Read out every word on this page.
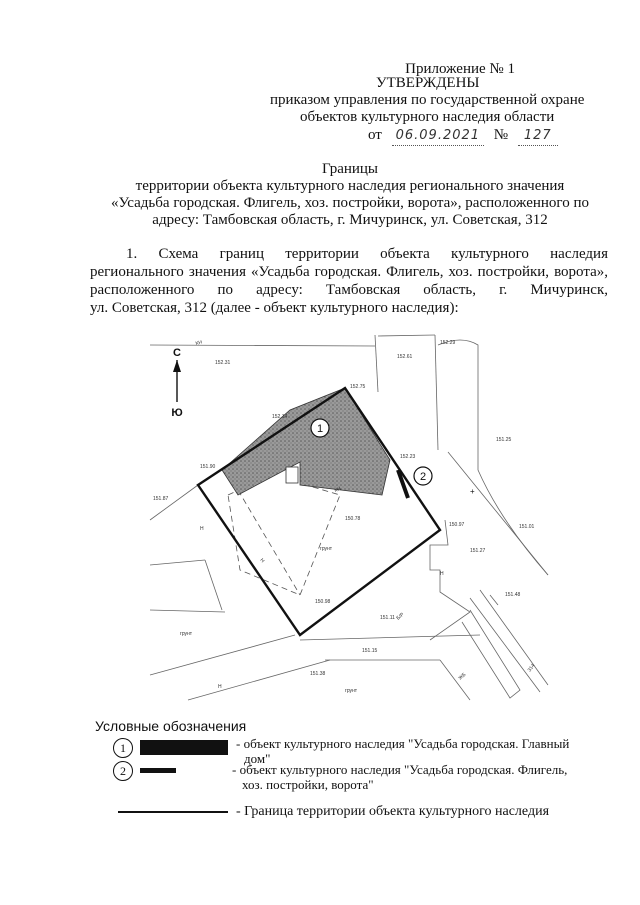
Приложение № 1
УТВЕРЖДЕНЫ
приказом управления по государственной охране
объектов культурного наследия области
от 06.09.2021 № 127
Границы
территории объекта культурного наследия регионального значения
«Усадьба городская. Флигель, хоз. постройки, ворота», расположенного по
адресу: Тамбовская область, г. Мичуринск, ул. Советская, 312
1. Схема границ территории объекта культурного наследия
регионального значения «Усадьба городская. Флигель, хоз. постройки, ворота»,
расположенного по адресу: Тамбовская область, г. Мичуринск,
ул. Советская, 312 (далее - объект культурного наследия):
1
2
С
Ю
КН
КН
Н
Н
Н
Н
грунт
грунт
грунт
Б/Р
ЖБ
314
152.31
152.61
152.29
152.75
152.14
152.23
151.25
151.90
151.87
150.78
150.97
151.27
151.01
150.98
151.11
151.48
151.15
151.38
+
Условные обозначения
1	- объект культурного наследия "Усадьба городская. Главный
дом"
2	- объект культурного наследия "Усадьба городская. Флигель,
хоз. постройки, ворота"
- Граница территории объекта культурного наследия
